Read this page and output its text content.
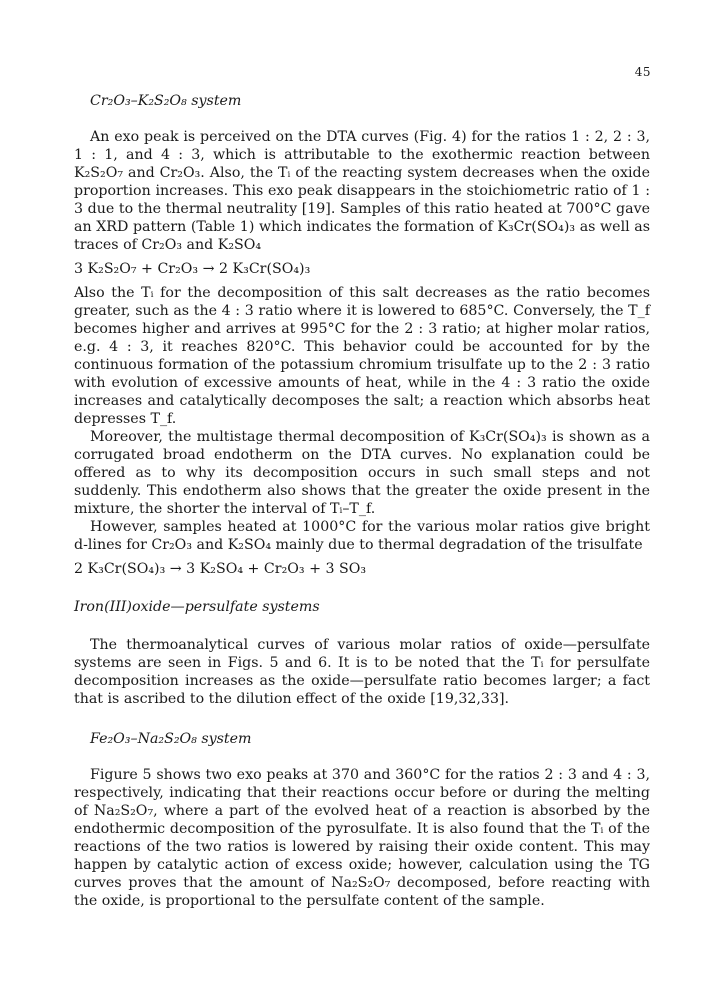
45
Cr₂O₃–K₂S₂O₈ system

An exo peak is perceived on the DTA curves (Fig. 4) for the ratios 1 : 2, 2 : 3, 1 : 1, and 4 : 3, which is attributable to the exothermic reaction between K₂S₂O₇ and Cr₂O₃. Also, the Tᵢ of the reacting system decreases when the oxide proportion increases. This exo peak disappears in the stoichiometric ratio of 1 : 3 due to the thermal neutrality [19]. Samples of this ratio heated at 700°C gave an XRD pattern (Table 1) which indicates the formation of K₃Cr(SO₄)₃ as well as traces of Cr₂O₃ and K₂SO₄

3 K₂S₂O₇ + Cr₂O₃ → 2 K₃Cr(SO₄)₃

Also the Tᵢ for the decomposition of this salt decreases as the ratio becomes greater, such as the 4 : 3 ratio where it is lowered to 685°C. Conversely, the T_f becomes higher and arrives at 995°C for the 2 : 3 ratio; at higher molar ratios, e.g. 4 : 3, it reaches 820°C. This behavior could be accounted for by the continuous formation of the potassium chromium trisulfate up to the 2 : 3 ratio with evolution of excessive amounts of heat, while in the 4 : 3 ratio the oxide increases and catalytically decomposes the salt; a reaction which absorbs heat depresses T_f.

Moreover, the multistage thermal decomposition of K₃Cr(SO₄)₃ is shown as a corrugated broad endotherm on the DTA curves. No explanation could be offered as to why its decomposition occurs in such small steps and not suddenly. This endotherm also shows that the greater the oxide present in the mixture, the shorter the interval of Tᵢ–T_f.

However, samples heated at 1000°C for the various molar ratios give bright d-lines for Cr₂O₃ and K₂SO₄ mainly due to thermal degradation of the trisulfate

2 K₃Cr(SO₄)₃ → 3 K₂SO₄ + Cr₂O₃ + 3 SO₃
Iron(III)oxide—persulfate systems

The thermoanalytical curves of various molar ratios of oxide—persulfate systems are seen in Figs. 5 and 6. It is to be noted that the Tᵢ for persulfate decomposition increases as the oxide—persulfate ratio becomes larger; a fact that is ascribed to the dilution effect of the oxide [19,32,33].

Fe₂O₃–Na₂S₂O₈ system

Figure 5 shows two exo peaks at 370 and 360°C for the ratios 2 : 3 and 4 : 3, respectively, indicating that their reactions occur before or during the melting of Na₂S₂O₇, where a part of the evolved heat of a reaction is absorbed by the endothermic decomposition of the pyrosulfate. It is also found that the Tᵢ of the reactions of the two ratios is lowered by raising their oxide content. This may happen by catalytic action of excess oxide; however, calculation using the TG curves proves that the amount of Na₂S₂O₇ decomposed, before reacting with the oxide, is proportional to the persulfate content of the sample.
